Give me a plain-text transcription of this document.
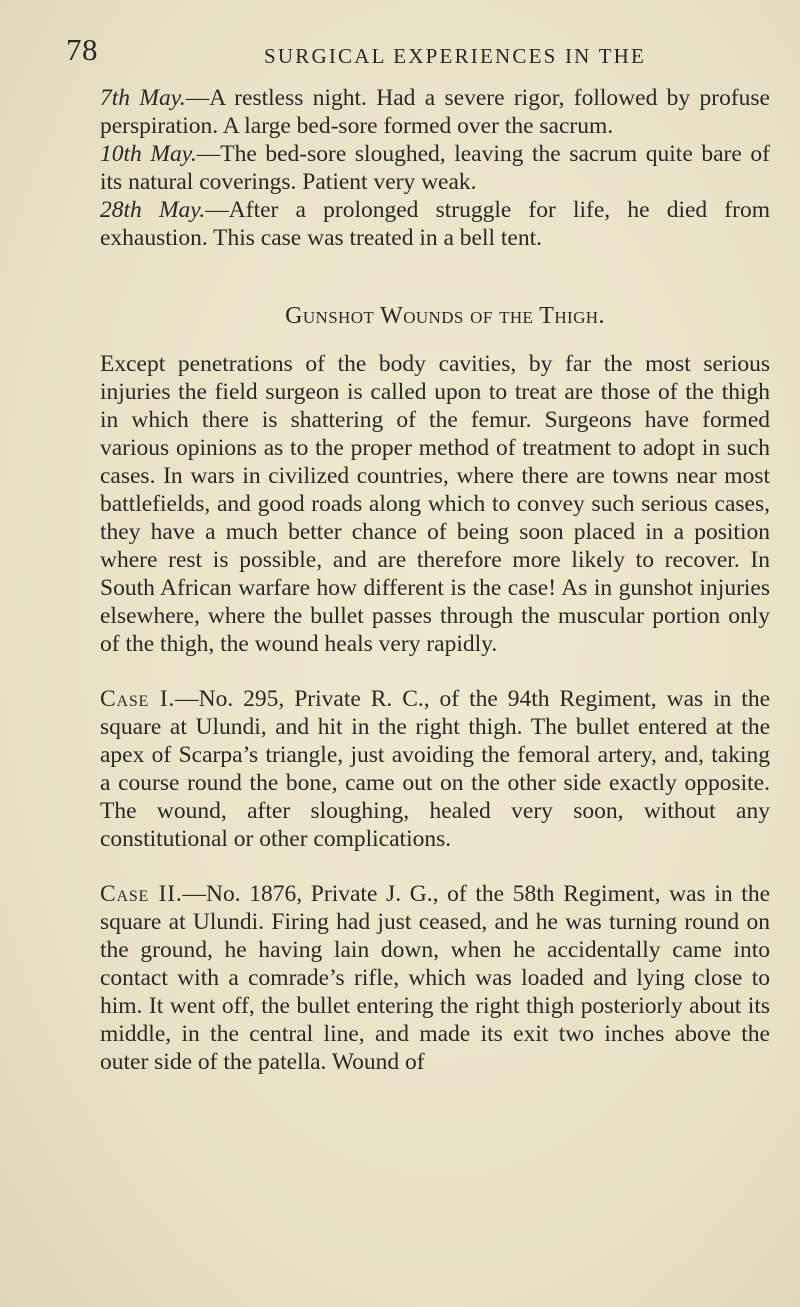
78	SURGICAL EXPERIENCES IN THE

7th May.—A restless night. Had a severe rigor, followed by profuse perspiration. A large bed-sore formed over the sacrum.

10th May.—The bed-sore sloughed, leaving the sacrum quite bare of its natural coverings. Patient very weak.

28th May.—After a prolonged struggle for life, he died from exhaustion. This case was treated in a bell tent.

Gunshot Wounds of the Thigh.

Except penetrations of the body cavities, by far the most serious injuries the field surgeon is called upon to treat are those of the thigh in which there is shattering of the femur. Surgeons have formed various opinions as to the proper method of treatment to adopt in such cases. In wars in civilized countries, where there are towns near most battlefields, and good roads along which to convey such serious cases, they have a much better chance of being soon placed in a position where rest is possible, and are therefore more likely to recover. In South African warfare how different is the case! As in gunshot injuries elsewhere, where the bullet passes through the muscular portion only of the thigh, the wound heals very rapidly.

Case I.—No. 295, Private R. C., of the 94th Regiment, was in the square at Ulundi, and hit in the right thigh. The bullet entered at the apex of Scarpa’s triangle, just avoiding the femoral artery, and, taking a course round the bone, came out on the other side exactly opposite. The wound, after sloughing, healed very soon, without any constitutional or other complications.

Case II.—No. 1876, Private J. G., of the 58th Regiment, was in the square at Ulundi. Firing had just ceased, and he was turning round on the ground, he having lain down, when he accidentally came into contact with a comrade’s rifle, which was loaded and lying close to him. It went off, the bullet entering the right thigh posteriorly about its middle, in the central line, and made its exit two inches above the outer side of the patella. Wound of
